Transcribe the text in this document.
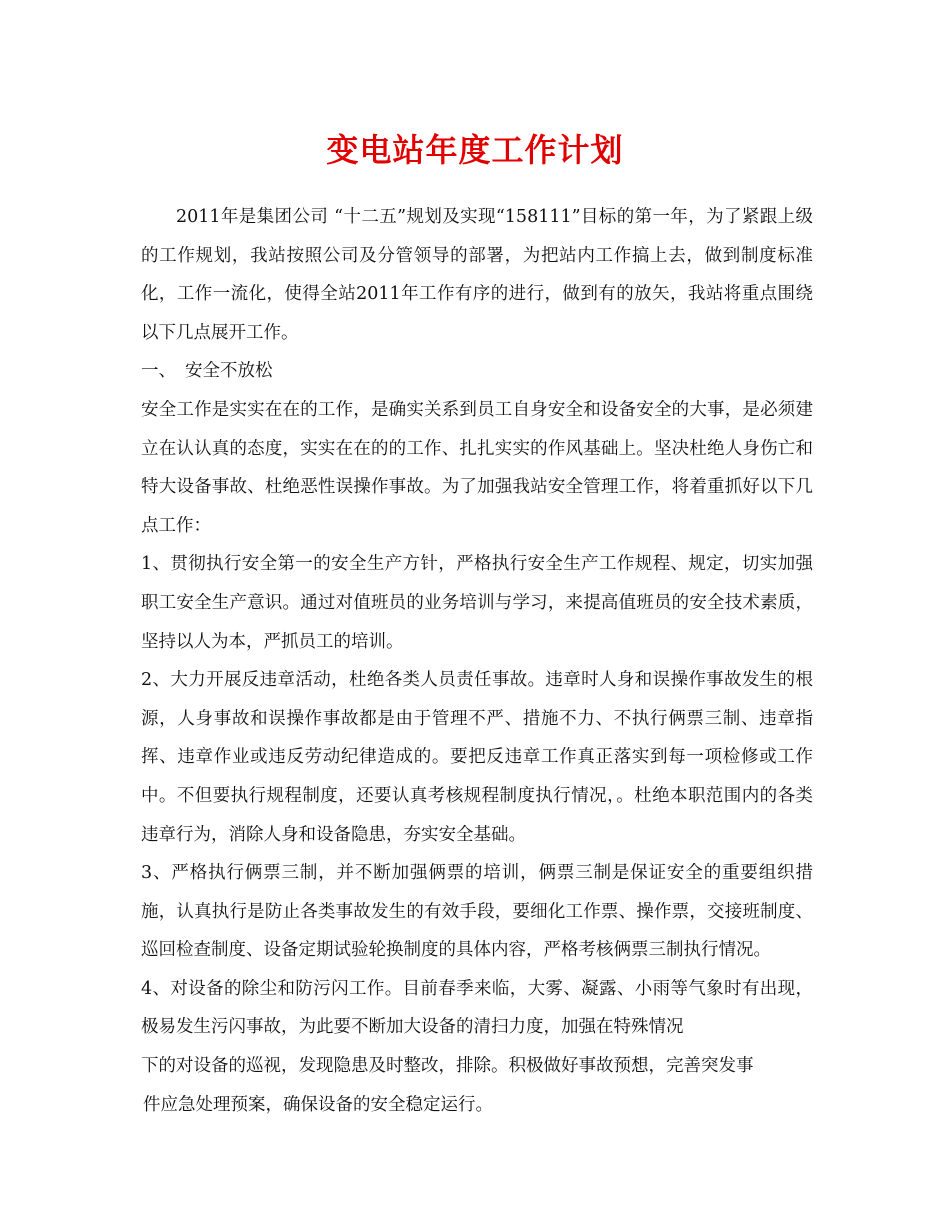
变电站年度工作计划

2011年是集团公司 “十二五”规划及实现“158111”目标的第一年，为了紧跟上级的工作规划，我站按照公司及分管领导的部署，为把站内工作搞上去，做到制度标准化，工作一流化，使得全站2011年工作有序的进行，做到有的放矢，我站将重点围绕以下几点展开工作。

一、 安全不放松

安全工作是实实在在的工作，是确实关系到员工自身安全和设备安全的大事，是必须建立在认认真的态度，实实在在的的工作、扎扎实实的作风基础上。坚决杜绝人身伤亡和特大设备事故、杜绝恶性误操作事故。为了加强我站安全管理工作，将着重抓好以下几点工作：

1、贯彻执行安全第一的安全生产方针，严格执行安全生产工作规程、规定，切实加强职工安全生产意识。通过对值班员的业务培训与学习，来提高值班员的安全技术素质，坚持以人为本，严抓员工的培训。

2、大力开展反违章活动，杜绝各类人员责任事故。违章时人身和误操作事故发生的根源，人身事故和误操作事故都是由于管理不严、措施不力、不执行俩票三制、违章指挥、违章作业或违反劳动纪律造成的。要把反违章工作真正落实到每一项检修或工作中。不但要执行规程制度，还要认真考核规程制度执行情况，。杜绝本职范围内的各类违章行为，消除人身和设备隐患，夯实安全基础。

3、严格执行俩票三制，并不断加强俩票的培训，俩票三制是保证安全的重要组织措施，认真执行是防止各类事故发生的有效手段，要细化工作票、操作票，交接班制度、巡回检查制度、设备定期试验轮换制度的具体内容，严格考核俩票三制执行情况。

4、对设备的除尘和防污闪工作。目前春季来临，大雾、凝露、小雨等气象时有出现，极易发生污闪事故，为此要不断加大设备的清扫力度，加强在特殊情况

下的对设备的巡视，发现隐患及时整改，排除。积极做好事故预想，完善突发事

件应急处理预案，确保设备的安全稳定运行。
